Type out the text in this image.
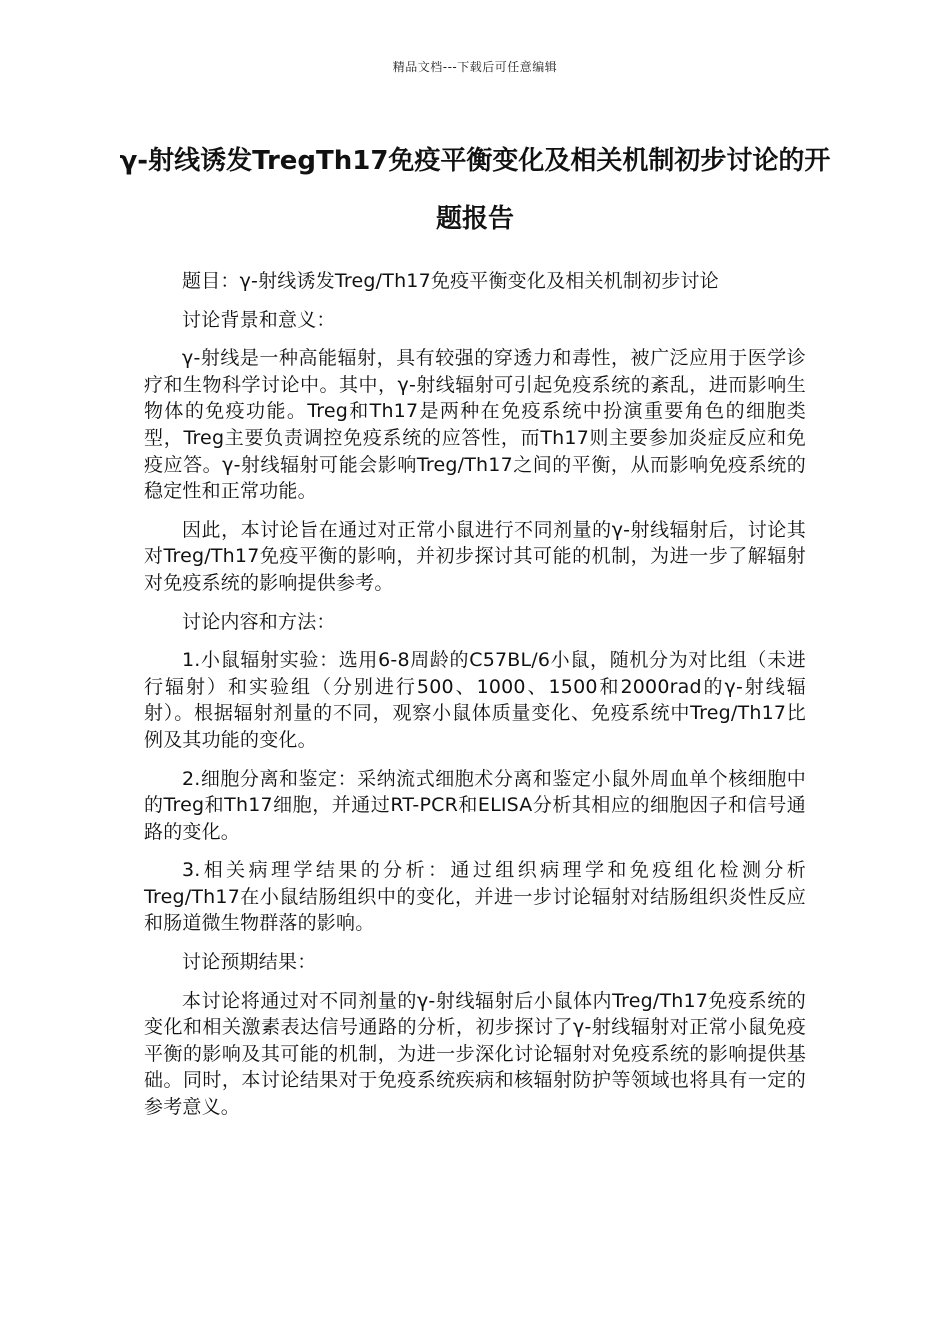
精品文档---下载后可任意编辑
γ-射线诱发TregTh17免疫平衡变化及相关机制初步讨论的开题报告

题目：γ-射线诱发Treg/Th17免疫平衡变化及相关机制初步讨论

讨论背景和意义：

γ-射线是一种高能辐射，具有较强的穿透力和毒性，被广泛应用于医学诊疗和生物科学讨论中。其中，γ-射线辐射可引起免疫系统的紊乱，进而影响生物体的免疫功能。Treg和Th17是两种在免疫系统中扮演重要角色的细胞类型，Treg主要负责调控免疫系统的应答性，而Th17则主要参加炎症反应和免疫应答。γ-射线辐射可能会影响Treg/Th17之间的平衡，从而影响免疫系统的稳定性和正常功能。

因此，本讨论旨在通过对正常小鼠进行不同剂量的γ-射线辐射后，讨论其对Treg/Th17免疫平衡的影响，并初步探讨其可能的机制，为进一步了解辐射对免疫系统的影响提供参考。

讨论内容和方法：

1.小鼠辐射实验：选用6-8周龄的C57BL/6小鼠，随机分为对比组（未进行辐射）和实验组（分别进行500、1000、1500和2000rad的γ-射线辐射）。根据辐射剂量的不同，观察小鼠体质量变化、免疫系统中Treg/Th17比例及其功能的变化。

2.细胞分离和鉴定：采纳流式细胞术分离和鉴定小鼠外周血单个核细胞中的Treg和Th17细胞，并通过RT-PCR和ELISA分析其相应的细胞因子和信号通路的变化。

3.相关病理学结果的分析：通过组织病理学和免疫组化检测分析Treg/Th17在小鼠结肠组织中的变化，并进一步讨论辐射对结肠组织炎性反应和肠道微生物群落的影响。

讨论预期结果：

本讨论将通过对不同剂量的γ-射线辐射后小鼠体内Treg/Th17免疫系统的变化和相关激素表达信号通路的分析，初步探讨了γ-射线辐射对正常小鼠免疫平衡的影响及其可能的机制，为进一步深化讨论辐射对免疫系统的影响提供基础。同时，本讨论结果对于免疫系统疾病和核辐射防护等领域也将具有一定的参考意义。
